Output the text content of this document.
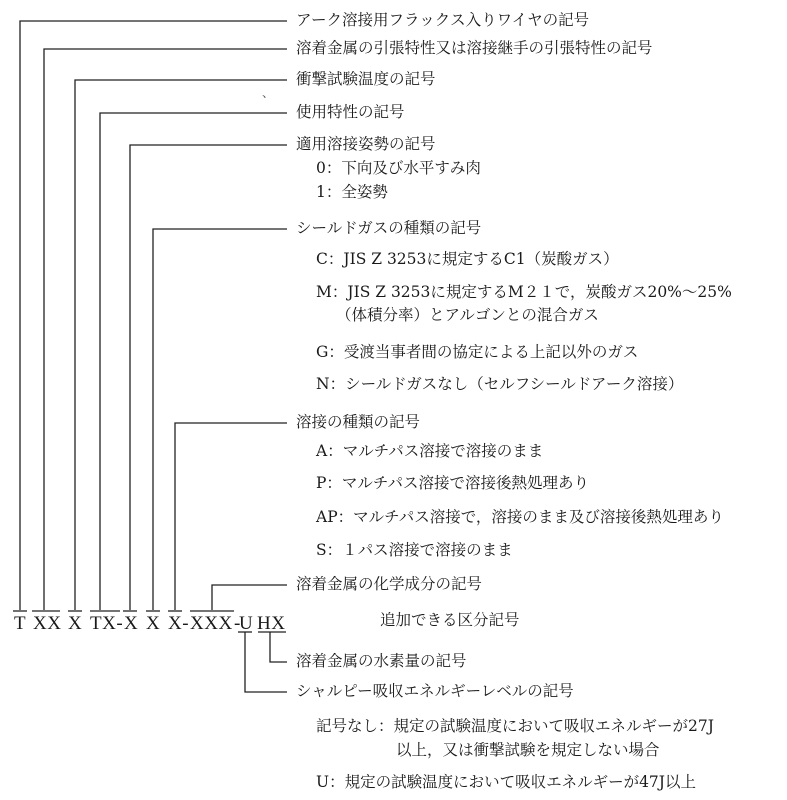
アーク溶接用フラックス入りワイヤの記号
溶着金属の引張特性又は溶接継手の引張特性の記号
衝撃試験温度の記号
、
使用特性の記号
適用溶接姿勢の記号
0：下向及び水平すみ肉
1：全姿勢
シールドガスの種類の記号
C：JIS Z 3253に規定するC1（炭酸ガス）
M：JIS Z 3253に規定するM２１で，炭酸ガス20%～25%
（体積分率）とアルゴンとの混合ガス
G：受渡当事者間の協定による上記以外のガス
N：シールドガスなし（セルフシールドアーク溶接）
溶接の種類の記号
A：マルチパス溶接で溶接のまま
P：マルチパス溶接で溶接後熱処理あり
AP：マルチパス溶接で，溶接のまま及び溶接後熱処理あり
S：１パス溶接で溶接のまま
溶着金属の化学成分の記号
追加できる区分記号
溶着金属の水素量の記号
シャルピー吸収エネルギーレベルの記号
記号なし：規定の試験温度において吸収エネルギーが27J
以上，又は衝撃試験を規定しない場合
U：規定の試験温度において吸収エネルギーが47J以上
T XX X TX- X X- XXX -
U HX
X
